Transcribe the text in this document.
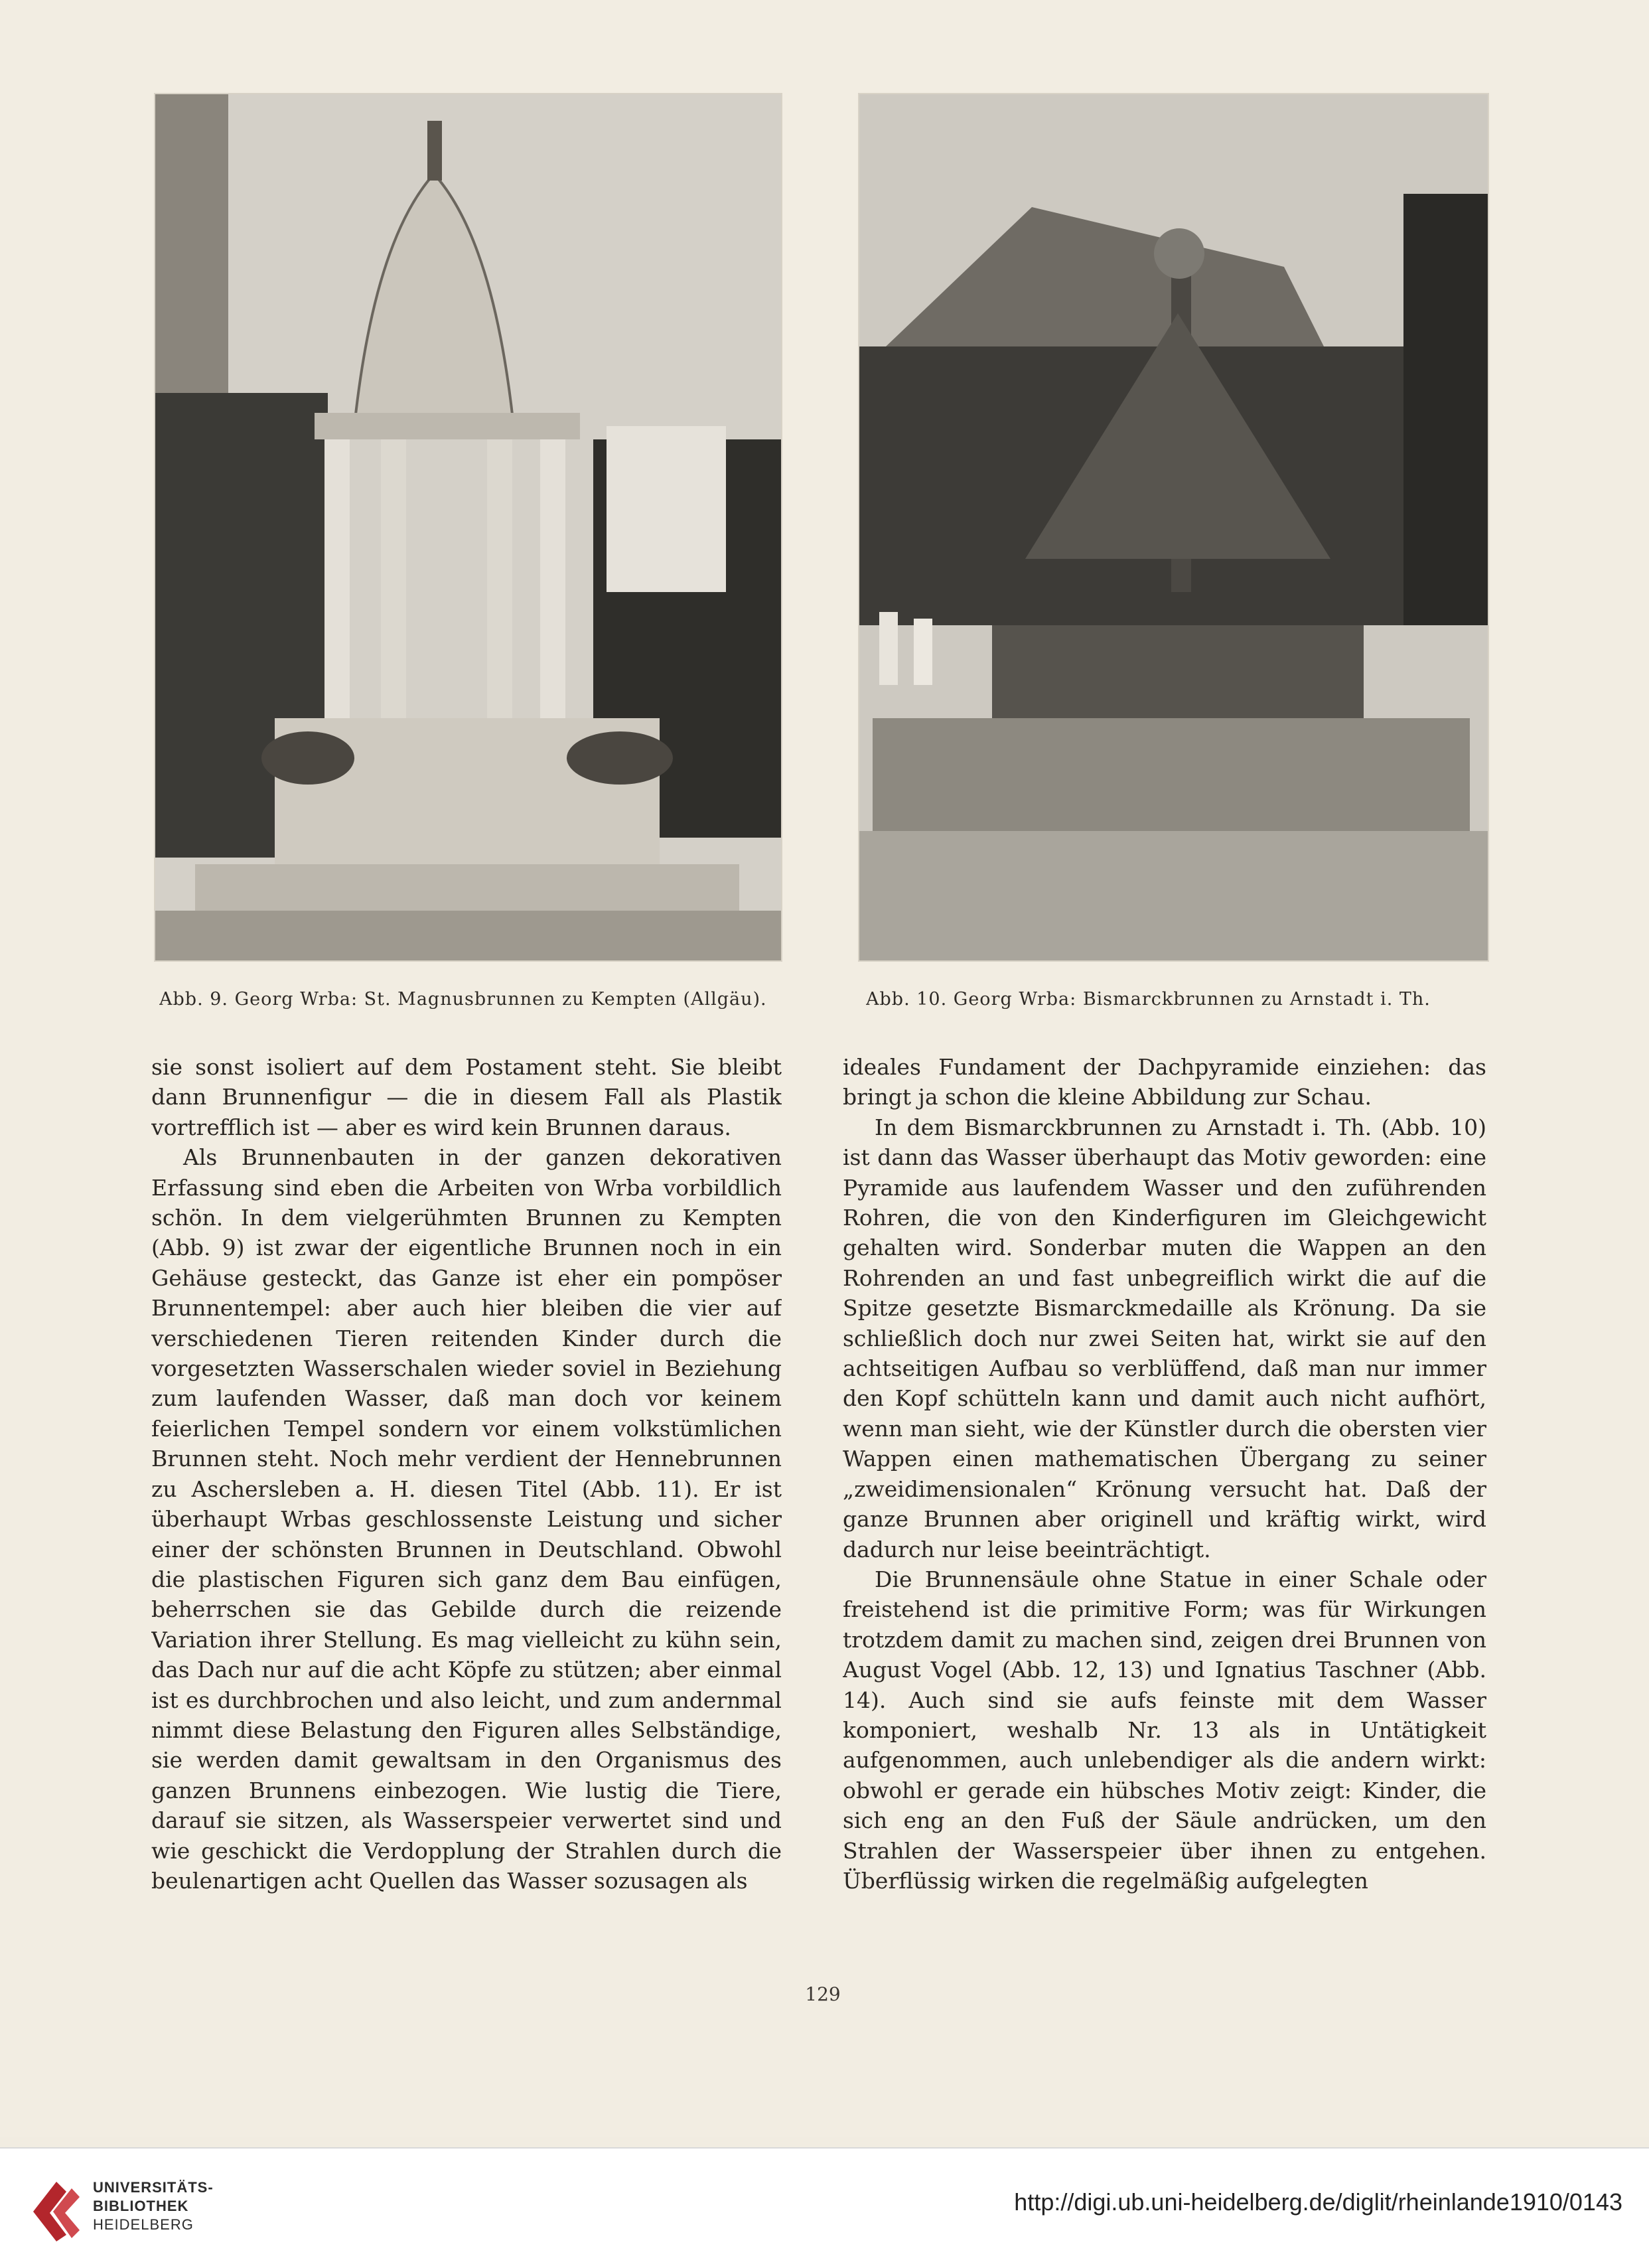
Abb. 9. Georg Wrba: St. Magnusbrunnen zu Kempten (Allgäu).	Abb. 10. Georg Wrba: Bismarckbrunnen zu Arnstadt i. Th.

sie sonst isoliert auf dem Postament steht. Sie bleibt dann Brunnenfigur — die in diesem Fall als Plastik vortrefflich ist — aber es wird kein Brunnen daraus.

Als Brunnenbauten in der ganzen dekorativen Erfassung sind eben die Arbeiten von Wrba vorbildlich schön. In dem vielgerühmten Brunnen zu Kempten (Abb. 9) ist zwar der eigentliche Brunnen noch in ein Gehäuse gesteckt, das Ganze ist eher ein pompöser Brunnentempel: aber auch hier bleiben die vier auf verschiedenen Tieren reitenden Kinder durch die vorgesetzten Wasserschalen wieder soviel in Beziehung zum laufenden Wasser, daß man doch vor keinem feierlichen Tempel sondern vor einem volkstümlichen Brunnen steht. Noch mehr verdient der Hennebrunnen zu Aschersleben a. H. diesen Titel (Abb. 11). Er ist überhaupt Wrbas geschlossenste Leistung und sicher einer der schönsten Brunnen in Deutschland. Obwohl die plastischen Figuren sich ganz dem Bau einfügen, beherrschen sie das Gebilde durch die reizende Variation ihrer Stellung. Es mag vielleicht zu kühn sein, das Dach nur auf die acht Köpfe zu stützen; aber einmal ist es durchbrochen und also leicht, und zum andernmal nimmt diese Belastung den Figuren alles Selbständige, sie werden damit gewaltsam in den Organismus des ganzen Brunnens einbezogen. Wie lustig die Tiere, darauf sie sitzen, als Wasserspeier verwertet sind und wie geschickt die Verdopplung der Strahlen durch die beulenartigen acht Quellen das Wasser sozusagen als

ideales Fundament der Dachpyramide einziehen: das bringt ja schon die kleine Abbildung zur Schau.

In dem Bismarckbrunnen zu Arnstadt i. Th. (Abb. 10) ist dann das Wasser überhaupt das Motiv geworden: eine Pyramide aus laufendem Wasser und den zuführenden Rohren, die von den Kinderfiguren im Gleichgewicht gehalten wird. Sonderbar muten die Wappen an den Rohrenden an und fast unbegreiflich wirkt die auf die Spitze gesetzte Bismarckmedaille als Krönung. Da sie schließlich doch nur zwei Seiten hat, wirkt sie auf den achtseitigen Aufbau so verblüffend, daß man nur immer den Kopf schütteln kann und damit auch nicht aufhört, wenn man sieht, wie der Künstler durch die obersten vier Wappen einen mathematischen Übergang zu seiner „zweidimensionalen“ Krönung versucht hat. Daß der ganze Brunnen aber originell und kräftig wirkt, wird dadurch nur leise beeinträchtigt.

Die Brunnensäule ohne Statue in einer Schale oder freistehend ist die primitive Form; was für Wirkungen trotzdem damit zu machen sind, zeigen drei Brunnen von August Vogel (Abb. 12, 13) und Ignatius Taschner (Abb. 14). Auch sind sie aufs feinste mit dem Wasser komponiert, weshalb Nr. 13 als in Untätigkeit aufgenommen, auch unlebendiger als die andern wirkt: obwohl er gerade ein hübsches Motiv zeigt: Kinder, die sich eng an den Fuß der Säule andrücken, um den Strahlen der Wasserspeier über ihnen zu entgehen. Überflüssig wirken die regelmäßig aufgelegten

129
UNIVERSITÄTS-
BIBLIOTHEK
HEIDELBERG
http://digi.ub.uni-heidelberg.de/diglit/rheinlande1910/0143
